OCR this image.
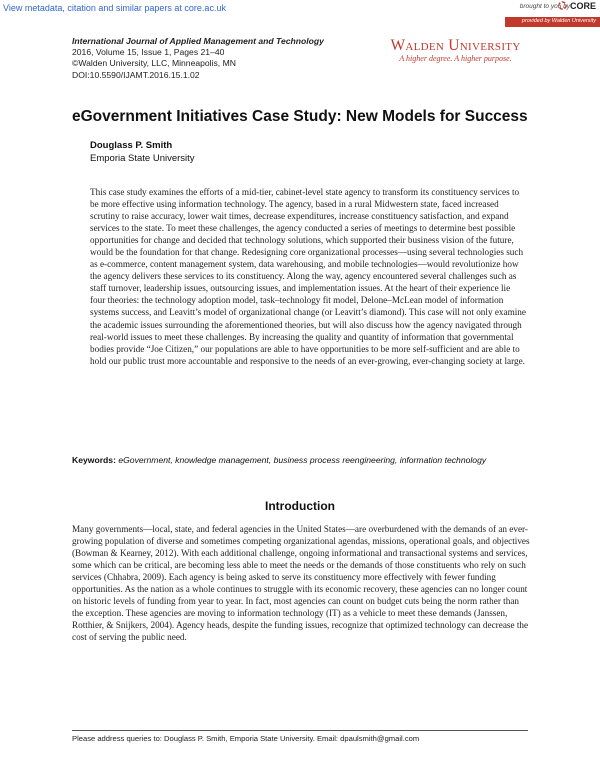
View metadata, citation and similar papers at core.ac.uk	brought to you by CORE
provided by Walden University
International Journal of Applied Management and Technology
2016, Volume 15, Issue 1, Pages 21–40
©Walden University, LLC, Minneapolis, MN
DOI:10.5590/IJAMT.2016.15.1.02
Walden University
A higher degree. A higher purpose.
eGovernment Initiatives Case Study: New Models for Success
Douglass P. Smith
Emporia State University
This case study examines the efforts of a mid-tier, cabinet-level state agency to transform its constituency services to be more effective using information technology. The agency, based in a rural Midwestern state, faced increased scrutiny to raise accuracy, lower wait times, decrease expenditures, increase constituency satisfaction, and expand services to the state. To meet these challenges, the agency conducted a series of meetings to determine best possible opportunities for change and decided that technology solutions, which supported their business vision of the future, would be the foundation for that change. Redesigning core organizational processes—using several technologies such as e-commerce, content management system, data warehousing, and mobile technologies—would revolutionize how the agency delivers these services to its constituency. Along the way, agency encountered several challenges such as staff turnover, leadership issues, outsourcing issues, and implementation issues. At the heart of their experience lie four theories: the technology adoption model, task–technology fit model, Delone–McLean model of information systems success, and Leavitt’s model of organizational change (or Leavitt’s diamond). This case will not only examine the academic issues surrounding the aforementioned theories, but will also discuss how the agency navigated through real-world issues to meet these challenges. By increasing the quality and quantity of information that governmental bodies provide “Joe Citizen,” our populations are able to have opportunities to be more self-sufficient and are able to hold our public trust more accountable and responsive to the needs of an ever-growing, ever-changing society at large.
Keywords: eGovernment, knowledge management, business process reengineering, information technology
Introduction
Many governments—local, state, and federal agencies in the United States—are overburdened with the demands of an ever-growing population of diverse and sometimes competing organizational agendas, missions, operational goals, and objectives (Bowman & Kearney, 2012). With each additional challenge, ongoing informational and transactional systems and services, some which can be critical, are becoming less able to meet the needs or the demands of those constituents who rely on such services (Chhabra, 2009). Each agency is being asked to serve its constituency more effectively with fewer funding opportunities. As the nation as a whole continues to struggle with its economic recovery, these agencies can no longer count on historic levels of funding from year to year. In fact, most agencies can count on budget cuts being the norm rather than the exception. These agencies are moving to information technology (IT) as a vehicle to meet these demands (Janssen, Rotthier, & Snijkers, 2004). Agency heads, despite the funding issues, recognize that optimized technology can decrease the cost of serving the public need.
Please address queries to: Douglass P. Smith, Emporia State University. Email: dpaulsmith@gmail.com
